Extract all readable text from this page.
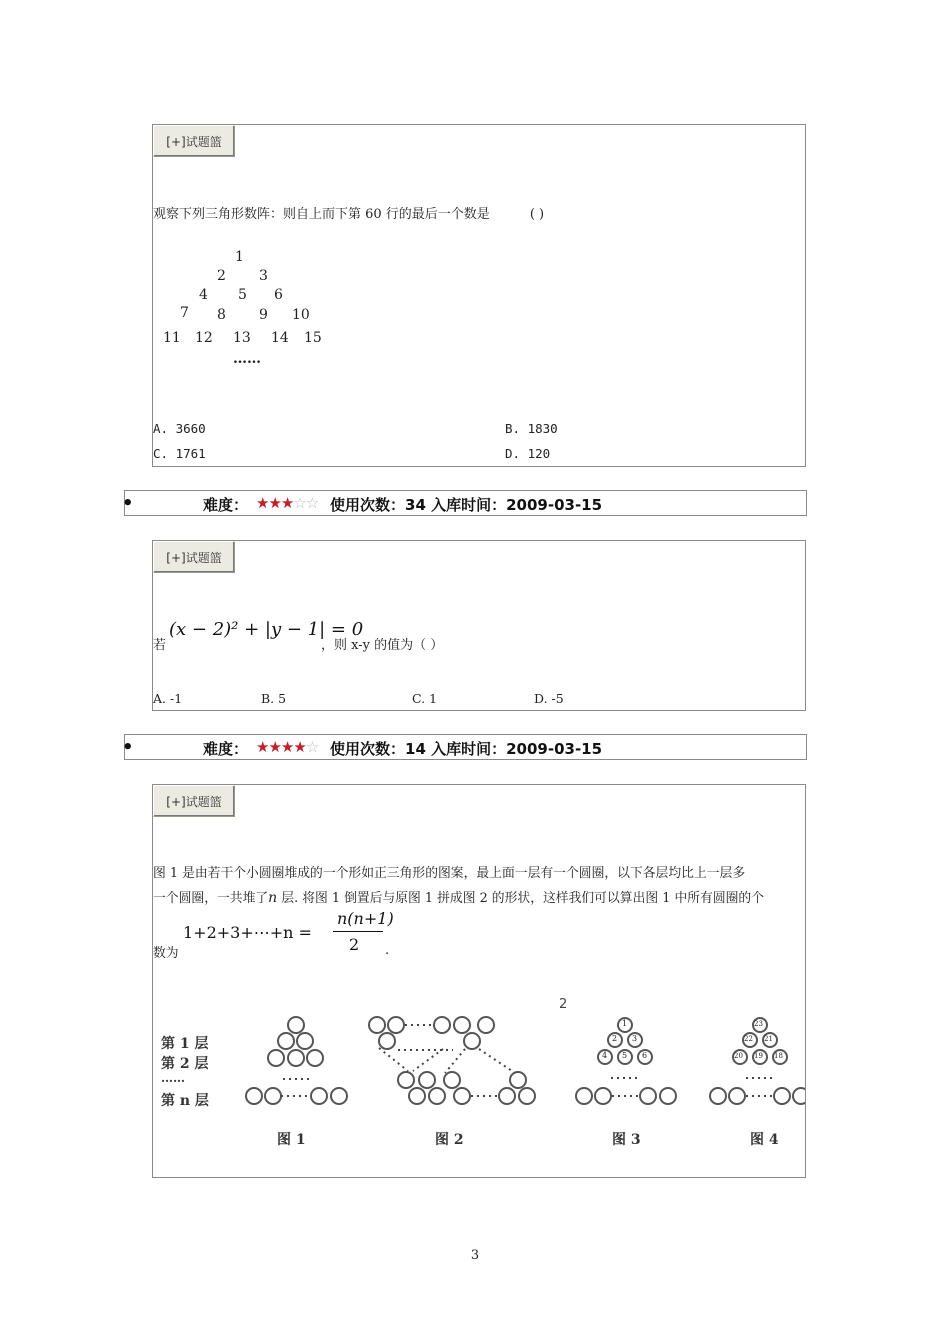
[+]试题篮
观察下列三角形数阵：则自上而下第 60 行的最后一个数是	( )
1
2 3
4 5 6
7 8 9 10
11 12 13 14 15
……
A. 3660	B. 1830
C. 1761	D. 120
•	难度： ★★★☆☆ 使用次数：34 入库时间：2009-03-15
[+]试题篮
若
(x − 2)² + |y − 1| = 0
，则 x-y 的值为（ ）
A. -1	B. 5	C. 1	D. -5
•	难度： ★★★★☆ 使用次数：14 入库时间：2009-03-15
[+]试题篮
图 1 是由若干个小圆圈堆成的一个形如正三角形的图案，最上面一层有一个圆圈，以下各层均比上一层多
一个圆圈，一共堆了n 层. 将图 1 倒置后与原图 1 拼成图 2 的形状，这样我们可以算出图 1 中所有圆圈的个
1+2+3+⋯+n =
n(n+1)
2
数为	.
2
第 1 层
第 2 层
……
第 n 层
1
2 3
4 5 6
23
22 21
20 19 18
图 1	图 2	图 3	图 4
3
